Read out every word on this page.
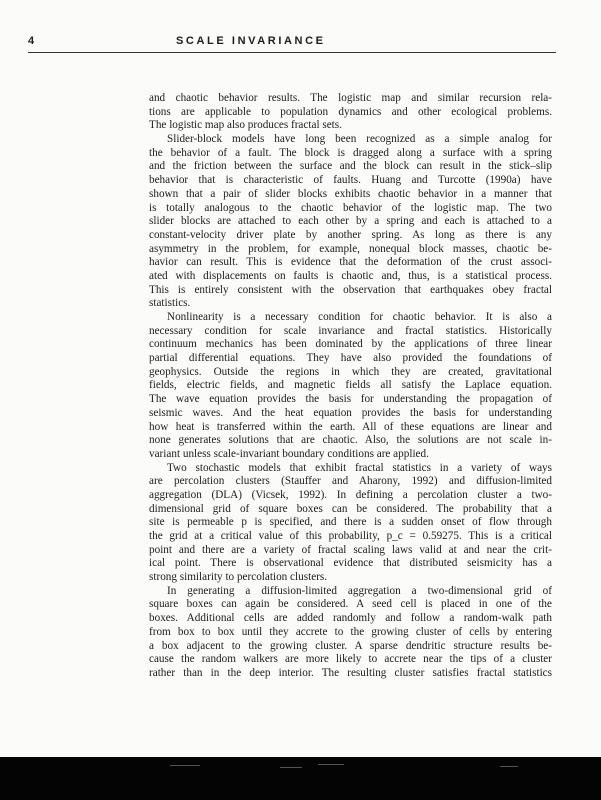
4	SCALE INVARIANCE
and chaotic behavior results. The logistic map and similar recursion rela-
tions are applicable to population dynamics and other ecological problems.
The logistic map also produces fractal sets.
Slider-block models have long been recognized as a simple analog for
the behavior of a fault. The block is dragged along a surface with a spring
and the friction between the surface and the block can result in the stick–slip
behavior that is characteristic of faults. Huang and Turcotte (1990a) have
shown that a pair of slider blocks exhibits chaotic behavior in a manner that
is totally analogous to the chaotic behavior of the logistic map. The two
slider blocks are attached to each other by a spring and each is attached to a
constant-velocity driver plate by another spring. As long as there is any
asymmetry in the problem, for example, nonequal block masses, chaotic be-
havior can result. This is evidence that the deformation of the crust associ-
ated with displacements on faults is chaotic and, thus, is a statistical process.
This is entirely consistent with the observation that earthquakes obey fractal
statistics.
Nonlinearity is a necessary condition for chaotic behavior. It is also a
necessary condition for scale invariance and fractal statistics. Historically
continuum mechanics has been dominated by the applications of three linear
partial differential equations. They have also provided the foundations of
geophysics. Outside the regions in which they are created, gravitational
fields, electric fields, and magnetic fields all satisfy the Laplace equation.
The wave equation provides the basis for understanding the propagation of
seismic waves. And the heat equation provides the basis for understanding
how heat is transferred within the earth. All of these equations are linear and
none generates solutions that are chaotic. Also, the solutions are not scale in-
variant unless scale-invariant boundary conditions are applied.
Two stochastic models that exhibit fractal statistics in a variety of ways
are percolation clusters (Stauffer and Aharony, 1992) and diffusion-limited
aggregation (DLA) (Vicsek, 1992). In defining a percolation cluster a two-
dimensional grid of square boxes can be considered. The probability that a
site is permeable p is specified, and there is a sudden onset of flow through
the grid at a critical value of this probability, p_c = 0.59275. This is a critical
point and there are a variety of fractal scaling laws valid at and near the crit-
ical point. There is observational evidence that distributed seismicity has a
strong similarity to percolation clusters.
In generating a diffusion-limited aggregation a two-dimensional grid of
square boxes can again be considered. A seed cell is placed in one of the
boxes. Additional cells are added randomly and follow a random-walk path
from box to box until they accrete to the growing cluster of cells by entering
a box adjacent to the growing cluster. A sparse dendritic structure results be-
cause the random walkers are more likely to accrete near the tips of a cluster
rather than in the deep interior. The resulting cluster satisfies fractal statistics
